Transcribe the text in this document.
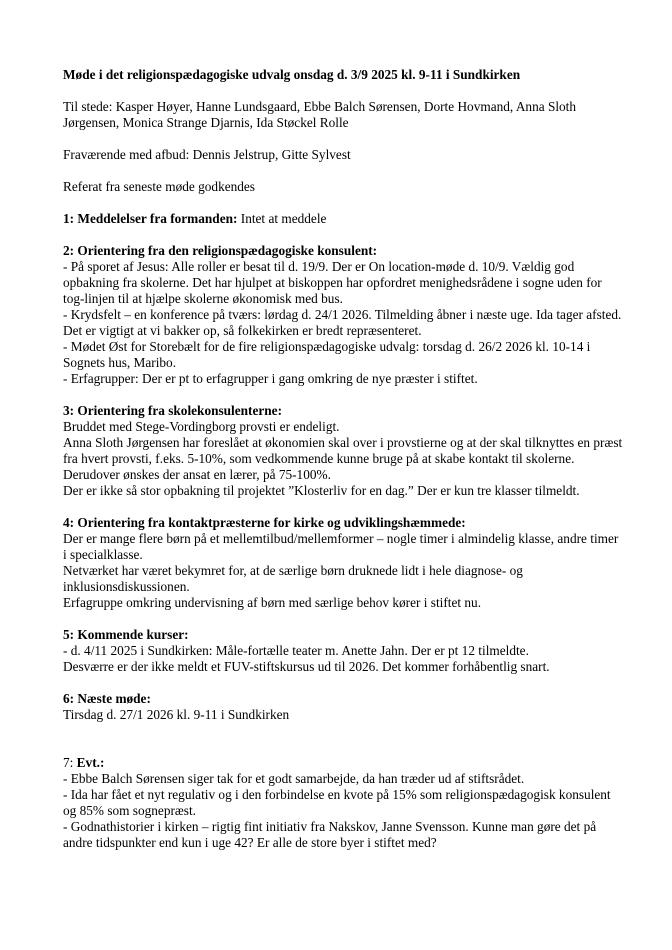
Møde i det religionspædagogiske udvalg onsdag d. 3/9 2025 kl. 9-11 i Sundkirken

Til stede: Kasper Høyer, Hanne Lundsgaard, Ebbe Balch Sørensen, Dorte Hovmand, Anna Sloth Jørgensen, Monica Strange Djarnis, Ida Støckel Rolle

Fraværende med afbud: Dennis Jelstrup, Gitte Sylvest

Referat fra seneste møde godkendes

1: Meddelelser fra formanden: Intet at meddele

2: Orientering fra den religionspædagogiske konsulent:

- På sporet af Jesus: Alle roller er besat til d. 19/9. Der er On location-møde d. 10/9. Vældig god opbakning fra skolerne. Det har hjulpet at biskoppen har opfordret menighedsrådene i sogne uden for tog-linjen til at hjælpe skolerne økonomisk med bus.

- Krydsfelt – en konference på tværs: lørdag d. 24/1 2026. Tilmelding åbner i næste uge. Ida tager afsted. Det er vigtigt at vi bakker op, så folkekirken er bredt repræsenteret.

- Mødet Øst for Storebælt for de fire religionspædagogiske udvalg: torsdag d. 26/2 2026 kl. 10-14 i Sognets hus, Maribo.

- Erfagrupper: Der er pt to erfagrupper i gang omkring de nye præster i stiftet.

3: Orientering fra skolekonsulenterne:

Bruddet med Stege-Vordingborg provsti er endeligt.

Anna Sloth Jørgensen har foreslået at økonomien skal over i provstierne og at der skal tilknyttes en præst fra hvert provsti, f.eks. 5-10%, som vedkommende kunne bruge på at skabe kontakt til skolerne. Derudover ønskes der ansat en lærer, på 75-100%.

Der er ikke så stor opbakning til projektet ”Klosterliv for en dag.” Der er kun tre klasser tilmeldt.

4: Orientering fra kontaktpræsterne for kirke og udviklingshæmmede:

Der er mange flere børn på et mellemtilbud/mellemformer – nogle timer i almindelig klasse, andre timer i specialklasse.

Netværket har været bekymret for, at de særlige børn druknede lidt i hele diagnose- og inklusionsdiskussionen.

Erfagruppe omkring undervisning af børn med særlige behov kører i stiftet nu.

5: Kommende kurser:

- d. 4/11 2025 i Sundkirken: Måle-fortælle teater m. Anette Jahn. Der er pt 12 tilmeldte.

Desværre er der ikke meldt et FUV-stiftskursus ud til 2026. Det kommer forhåbentlig snart.

6: Næste møde:

Tirsdag d. 27/1 2026 kl. 9-11 i Sundkirken

7: Evt.:

- Ebbe Balch Sørensen siger tak for et godt samarbejde, da han træder ud af stiftsrådet.

- Ida har fået et nyt regulativ og i den forbindelse en kvote på 15% som religionspædagogisk konsulent og 85% som sognepræst.

- Godnathistorier i kirken – rigtig fint initiativ fra Nakskov, Janne Svensson. Kunne man gøre det på andre tidspunkter end kun i uge 42? Er alle de store byer i stiftet med?
